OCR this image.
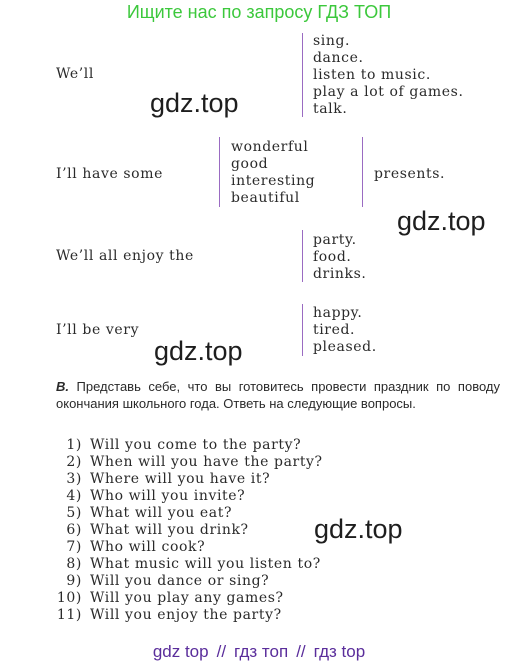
Ищите нас по запросу ГДЗ ТОП
We’ll
sing.
dance.
listen to music.
play a lot of games.
talk.
I’ll have some
wonderful
good
interesting
beautiful
presents.
We’ll all enjoy the
party.
food.
drinks.
I’ll be very
happy.
tired.
pleased.
gdz.top
gdz.top
gdz.top
gdz.top
B. Представь себе, что вы готовитесь провести праздник по поводу окончания школьного года. Ответь на следующие вопросы.
1) Will you come to the party?
2) When will you have the party?
3) Where will you have it?
4) Who will you invite?
5) What will you eat?
6) What will you drink?
7) Who will cook?
8) What music will you listen to?
9) Will you dance or sing?
10) Will you play any games?
11) Will you enjoy the party?
gdz top // гдз топ // гдз top
